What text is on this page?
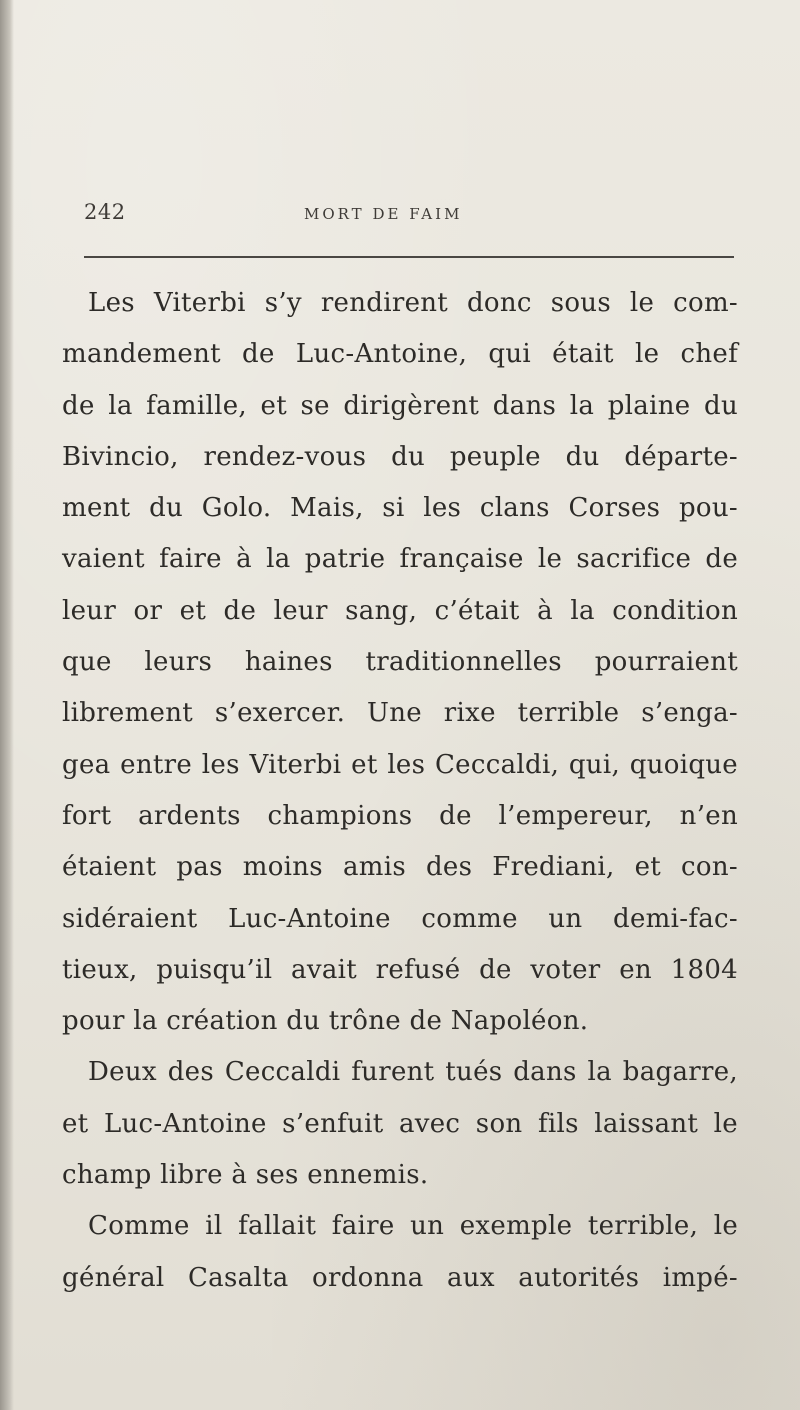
242	MORT DE FAIM

Les Viterbi s’y rendirent donc sous le com-
mandement de Luc-Antoine, qui était le chef
de la famille, et se dirigèrent dans la plaine du
Bivincio, rendez-vous du peuple du départe-
ment du Golo. Mais, si les clans Corses pou-
vaient faire à la patrie française le sacrifice de
leur or et de leur sang, c’était à la condition
que leurs haines traditionnelles pourraient
librement s’exercer. Une rixe terrible s’enga-
gea entre les Viterbi et les Ceccaldi, qui, quoique
fort ardents champions de l’empereur, n’en
étaient pas moins amis des Frediani, et con-
sidéraient Luc-Antoine comme un demi-fac-
tieux, puisqu’il avait refusé de voter en 1804
pour la création du trône de Napoléon.

Deux des Ceccaldi furent tués dans la bagarre,
et Luc-Antoine s’enfuit avec son fils laissant le
champ libre à ses ennemis.

Comme il fallait faire un exemple terrible, le
général Casalta ordonna aux autorités impé-
